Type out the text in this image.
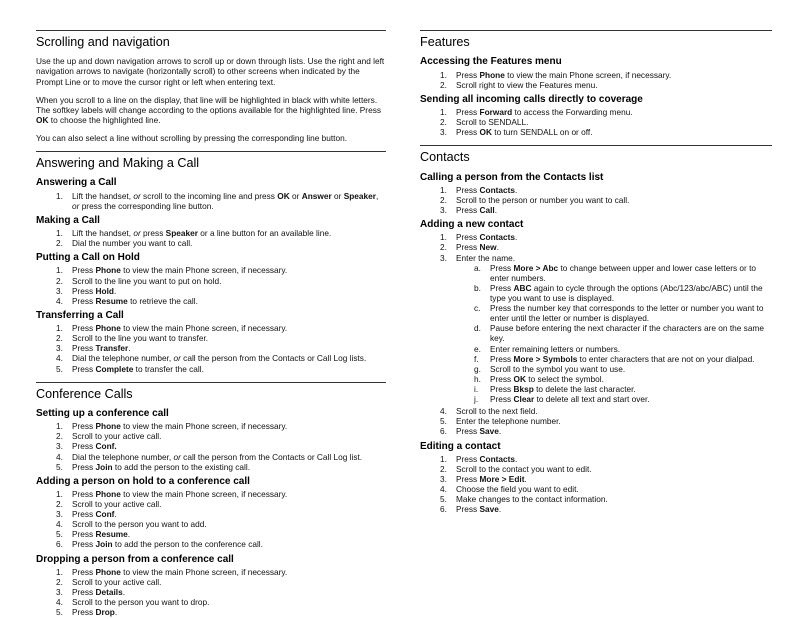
Scrolling and navigation

Use the up and down navigation arrows to scroll up or down through lists. Use the right and left navigation arrows to navigate (horizontally scroll) to other screens when indicated by the Prompt Line or to move the cursor right or left when entering text.

When you scroll to a line on the display, that line will be highlighted in black with white letters. The softkey labels will change according to the options available for the highlighted line. Press OK to choose the highlighted line.

You can also select a line without scrolling by pressing the corresponding line button.

Answering and Making a Call
Answering a Call
1. Lift the handset, or scroll to the incoming line and press OK or Answer or Speaker, or press the corresponding line button.
Making a Call
1. Lift the handset, or press Speaker or a line button for an available line.
2. Dial the number you want to call.
Putting a Call on Hold
1. Press Phone to view the main Phone screen, if necessary.
2. Scroll to the line you want to put on hold.
3. Press Hold.
4. Press Resume to retrieve the call.
Transferring a Call
1. Press Phone to view the main Phone screen, if necessary.
2. Scroll to the line you want to transfer.
3. Press Transfer.
4. Dial the telephone number, or call the person from the Contacts or Call Log lists.
5. Press Complete to transfer the call.
Conference Calls
Setting up a conference call
1. Press Phone to view the main Phone screen, if necessary.
2. Scroll to your active call.
3. Press Conf.
4. Dial the telephone number, or call the person from the Contacts or Call Log list.
5. Press Join to add the person to the existing call.
Adding a person on hold to a conference call
1. Press Phone to view the main Phone screen, if necessary.
2. Scroll to your active call.
3. Press Conf.
4. Scroll to the person you want to add.
5. Press Resume.
6. Press Join to add the person to the conference call.
Dropping a person from a conference call
1. Press Phone to view the main Phone screen, if necessary.
2. Scroll to your active call.
3. Press Details.
4. Scroll to the person you want to drop.
5. Press Drop.
Features
Accessing the Features menu
1. Press Phone to view the main Phone screen, if necessary.
2. Scroll right to view the Features menu.
Sending all incoming calls directly to coverage
1. Press Forward to access the Forwarding menu.
2. Scroll to SENDALL.
3. Press OK to turn SENDALL on or off.
Contacts
Calling a person from the Contacts list
1. Press Contacts.
2. Scroll to the person or number you want to call.
3. Press Call.
Adding a new contact
1. Press Contacts.
2. Press New.
3. Enter the name.
a. Press More > Abc to change between upper and lower case letters or to enter numbers.
b. Press ABC again to cycle through the options (Abc/123/abc/ABC) until the type you want to use is displayed.
c. Press the number key that corresponds to the letter or number you want to enter until the letter or number is displayed.
d. Pause before entering the next character if the characters are on the same key.
e. Enter remaining letters or numbers.
f. Press More > Symbols to enter characters that are not on your dialpad.
g. Scroll to the symbol you want to use.
h. Press OK to select the symbol.
i. Press Bksp to delete the last character.
j. Press Clear to delete all text and start over.
4. Scroll to the next field.
5. Enter the telephone number.
6. Press Save.
Editing a contact
1. Press Contacts.
2. Scroll to the contact you want to edit.
3. Press More > Edit.
4. Choose the field you want to edit.
5. Make changes to the contact information.
6. Press Save.
